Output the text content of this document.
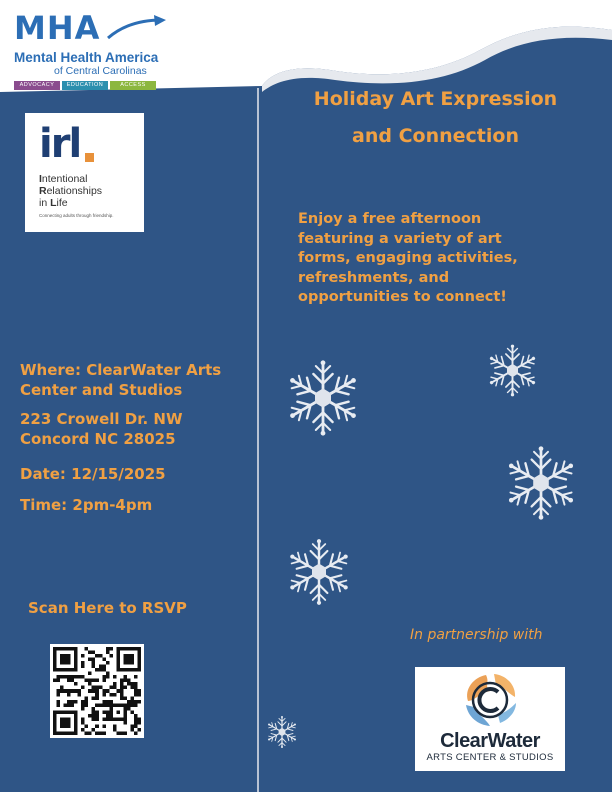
MHA
Mental Health America
of Central Carolinas
ADVOCACY	EDUCATION	ACCESS
irl
Intentional
Relationships
in Life
Connecting adults through friendship.
Holiday Art Expression
and Connection
Enjoy a free afternoon
featuring a variety of art
forms, engaging activities,
refreshments, and
opportunities to connect!
Where: ClearWater Arts
Center and Studios
223 Crowell Dr. NW
Concord NC 28025
Date: 12/15/2025
Time: 2pm-4pm
Scan Here to RSVP
In partnership with
ClearWater
ARTS CENTER & STUDIOS
